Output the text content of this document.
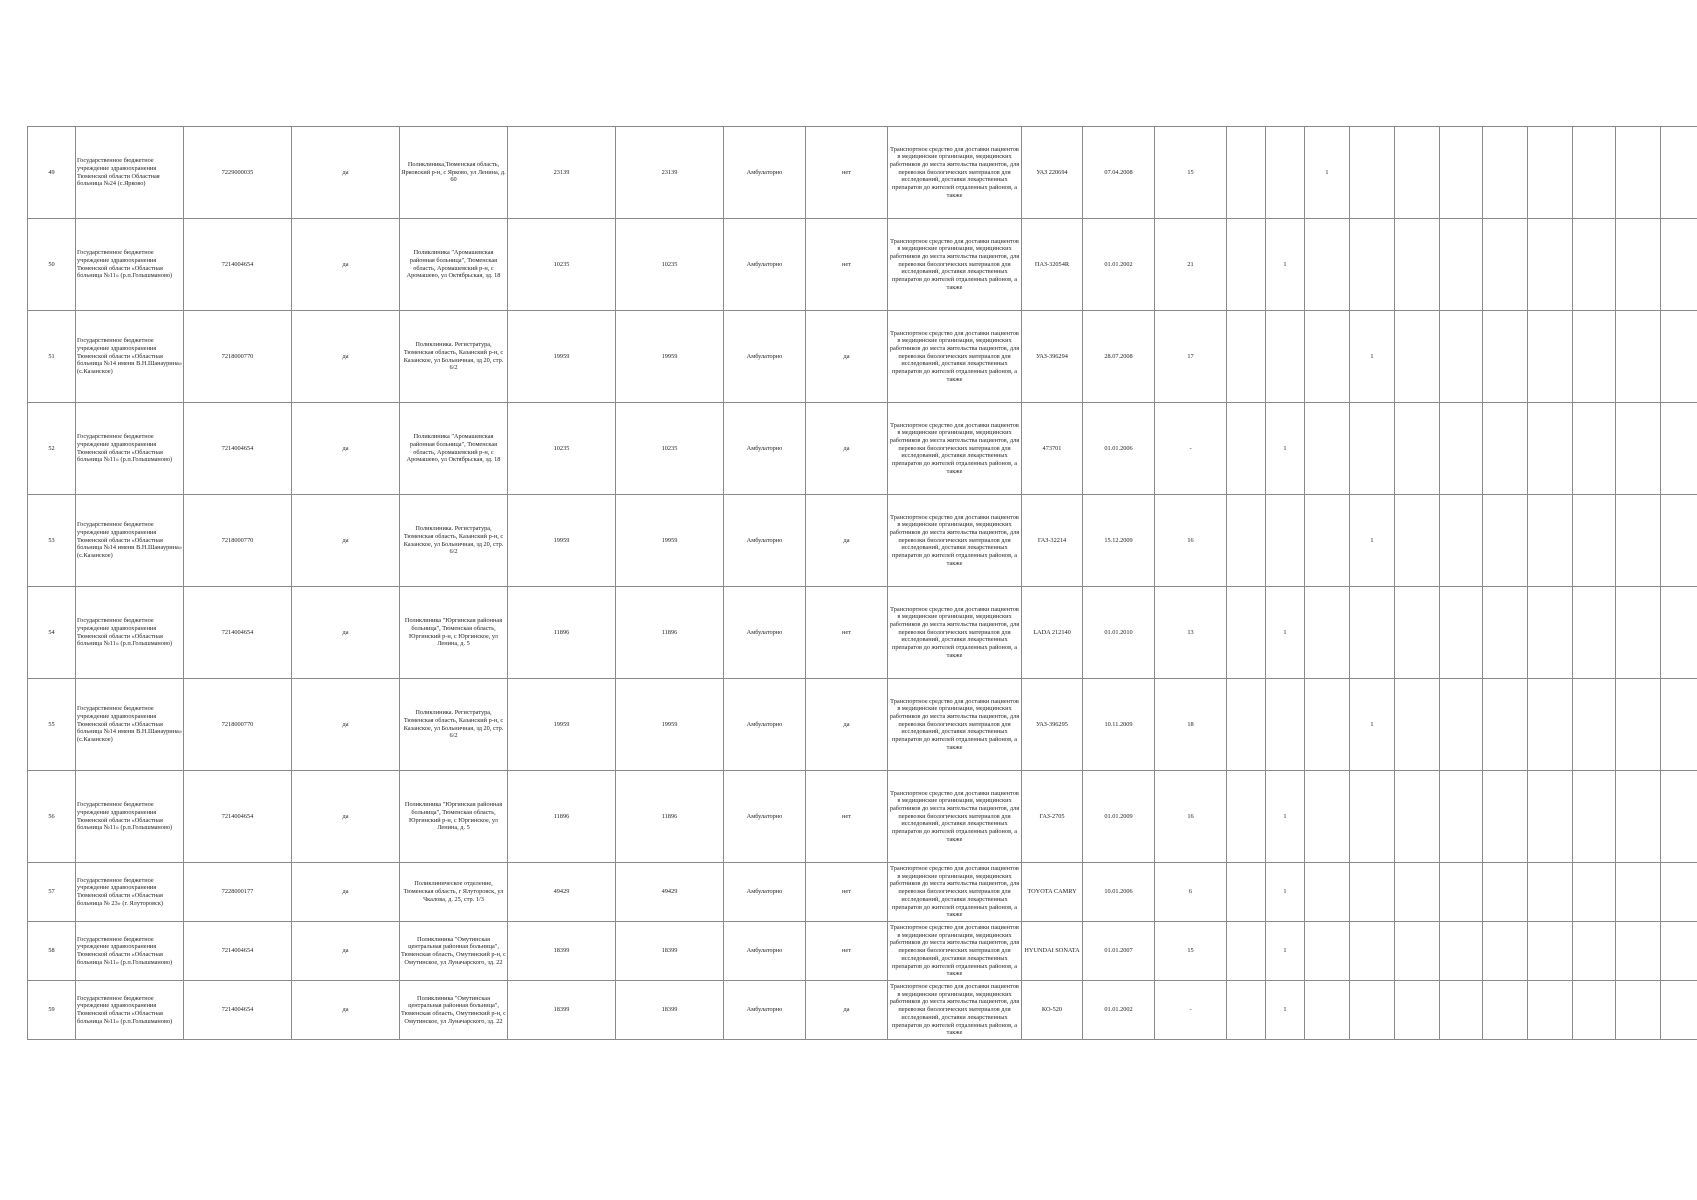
49	Государственное бюджетное учреждение здравоохранения Тюменской области Областная больница №24 (с.Ярково)	7229000035	да	Поликлиника,Тюменская область, Ярковский р-н, с Ярково, ул Ленина, д. 60	23139	23139	Амбулаторно	нет	Транспортное средство для доставки пациентов в медицинские организации, медицинских работников до места жительства пациентов, для перевозки биологических материалов для исследований, доставки лекарственных препаратов до жителей отдаленных районов, а также	УАЗ 220694	07.04.2008	15			1									
50	Государственное бюджетное учреждение здравоохранения Тюменской области «Областная больница №11» (р.п.Голышманово)	7214004654	да	Поликлиника "Аромашевская районная больница", Тюменская область, Аромашевский р-н, с Аромашево, ул Октябрьская, зд. 18	10235	10235	Амбулаторно	нет	Транспортное средство для доставки пациентов в медицинские организации, медицинских работников до места жительства пациентов, для перевозки биологических материалов для исследований, доставки лекарственных препаратов до жителей отдаленных районов, а также	ПАЗ-32054R	01.01.2002	21		1										
51	Государственное бюджетное учреждение здравоохранения Тюменской области «Областная больница №14 имени В.Н.Шанаурина» (с.Казанское)	7218000770	да	Поликлиника. Регистратура, Тюменская область, Казанский р-н, с Казанское, ул Больничная, зд 20, стр. 6/2	19959	19959	Амбулаторно	да	Транспортное средство для доставки пациентов в медицинские организации, медицинских работников до места жительства пациентов, для перевозки биологических материалов для исследований, доставки лекарственных препаратов до жителей отдаленных районов, а также	УАЗ-396294	28.07.2008	17				1								
52	Государственное бюджетное учреждение здравоохранения Тюменской области «Областная больница №11» (р.п.Голышманово)	7214004654	да	Поликлиника "Аромашевская районная больница", Тюменская область, Аромашевский р-н, с Аромашево, ул Октябрьская, зд. 18	10235	10235	Амбулаторно	да	Транспортное средство для доставки пациентов в медицинские организации, медицинских работников до места жительства пациентов, для перевозки биологических материалов для исследований, доставки лекарственных препаратов до жителей отдаленных районов, а также	473701	01.01.2006	-		1										
53	Государственное бюджетное учреждение здравоохранения Тюменской области «Областная больница №14 имени В.Н.Шанаурина» (с.Казанское)	7218000770	да	Поликлиника. Регистратура, Тюменская область, Казанский р-н, с Казанское, ул Больничная, зд 20, стр. 6/2	19959	19959	Амбулаторно	да	Транспортное средство для доставки пациентов в медицинские организации, медицинских работников до места жительства пациентов, для перевозки биологических материалов для исследований, доставки лекарственных препаратов до жителей отдаленных районов, а также	ГАЗ-32214	15.12.2009	16				1								
54	Государственное бюджетное учреждение здравоохранения Тюменской области «Областная больница №11» (р.п.Голышманово)	7214004654	да	Поликлиника "Юргинская районная больница", Тюменская область, Юргинский р-н, с Юргинское, ул Ленина, д. 5	11896	11896	Амбулаторно	нет	Транспортное средство для доставки пациентов в медицинские организации, медицинских работников до места жительства пациентов, для перевозки биологических материалов для исследований, доставки лекарственных препаратов до жителей отдаленных районов, а также	LADA 212140	01.01.2010	13		1										
55	Государственное бюджетное учреждение здравоохранения Тюменской области «Областная больница №14 имени В.Н.Шанаурина» (с.Казанское)	7218000770	да	Поликлиника. Регистратура, Тюменская область, Казанский р-н, с Казанское, ул Больничная, зд 20, стр. 6/2	19959	19959	Амбулаторно	да	Транспортное средство для доставки пациентов в медицинские организации, медицинских работников до места жительства пациентов, для перевозки биологических материалов для исследований, доставки лекарственных препаратов до жителей отдаленных районов, а также	УАЗ-396295	10.11.2009	18				1								
56	Государственное бюджетное учреждение здравоохранения Тюменской области «Областная больница №11» (р.п.Голышманово)	7214004654	да	Поликлиника "Юргинская районная больница", Тюменская область, Юргинский р-н, с Юргинское, ул Ленина, д. 5	11896	11896	Амбулаторно	нет	Транспортное средство для доставки пациентов в медицинские организации, медицинских работников до места жительства пациентов, для перевозки биологических материалов для исследований, доставки лекарственных препаратов до жителей отдаленных районов, а также	ГАЗ-2705	01.01.2009	16		1										
57	Государственное бюджетное учреждение здравоохранения Тюменской области «Областная больница № 23» (г. Ялуторовск)	7228000177	да	Поликлиническое отделение, Тюменская область, г Ялуторовск, ул Чкалова, д. 25, стр. 1/3	49429	49429	Амбулаторно	нет	Транспортное средство для доставки пациентов в медицинские организации, медицинских работников до места жительства пациентов, для перевозки биологических материалов для исследований, доставки лекарственных препаратов до жителей отдаленных районов, а также	TOYOTA CAMRY	10.01.2006	6		1										
58	Государственное бюджетное учреждение здравоохранения Тюменской области «Областная больница №11» (р.п.Голышманово)	7214004654	да	Поликлиника "Омутинская центральная районная больница", Тюменская область, Омутинский р-н, с Омутинское, ул Луначарского, зд. 22	18399	18399	Амбулаторно	нет	Транспортное средство для доставки пациентов в медицинские организации, медицинских работников до места жительства пациентов, для перевозки биологических материалов для исследований, доставки лекарственных препаратов до жителей отдаленных районов, а также	HYUNDAI SONATA	01.01.2007	15		1										
59	Государственное бюджетное учреждение здравоохранения Тюменской области «Областная больница №11» (р.п.Голышманово)	7214004654	да	Поликлиника "Омутинская центральная районная больница", Тюменская область, Омутинский р-н, с Омутинское, ул Луначарского, зд. 22	18399	18399	Амбулаторно	да	Транспортное средство для доставки пациентов в медицинские организации, медицинских работников до места жительства пациентов, для перевозки биологических материалов для исследований, доставки лекарственных препаратов до жителей отдаленных районов, а также	КО-520	01.01.2002	-		1										
